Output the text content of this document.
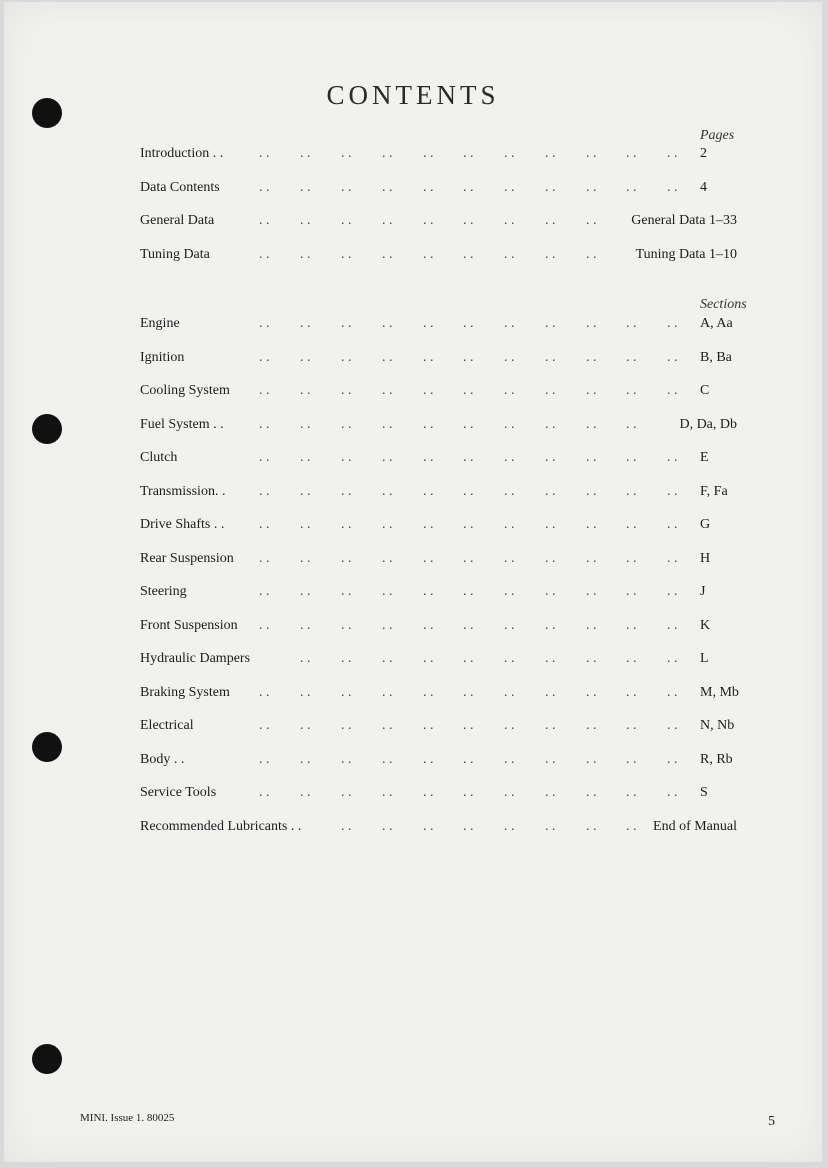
CONTENTS
Pages
Introduction . .	2
. . . . . . . . . . . . . . . . . . . . . .
Data Contents	4
. . . . . . . . . . . . . . . . . . . . . .
General Data	General Data 1–33
. . . . . . . . . . . . . . . . . .
Tuning Data	Tuning Data 1–10
. . . . . . . . . . . . . . . . . .
Sections
Engine	A, Aa
. . . . . . . . . . . . . . . . . . . . . .
Ignition	B, Ba
. . . . . . . . . . . . . . . . . . . . . .
Cooling System	C
. . . . . . . . . . . . . . . . . . . . . .
Fuel System . .	D, Da, Db
. . . . . . . . . . . . . . . . . . . .
Clutch	E
. . . . . . . . . . . . . . . . . . . . . .
Transmission. .	F, Fa
. . . . . . . . . . . . . . . . . . . . . .
Drive Shafts . .	G
. . . . . . . . . . . . . . . . . . . . . .
Rear Suspension	H
. . . . . . . . . . . . . . . . . . . . . .
Steering	J
. . . . . . . . . . . . . . . . . . . . . .
Front Suspension	K
. . . . . . . . . . . . . . . . . . . . . .
Hydraulic Dampers	L
. . . . . . . . . . . . . . . . . . . .
Braking System	M, Mb
. . . . . . . . . . . . . . . . . . . . . .
Electrical	N, Nb
. . . . . . . . . . . . . . . . . . . . . .
Body . .	R, Rb
. . . . . . . . . . . . . . . . . . . . . .
Service Tools	S
. . . . . . . . . . . . . . . . . . . . . .
Recommended Lubricants . .	End of Manual
. . . . . . . . . . . . . . . .
MINI. Issue 1. 80025	5
